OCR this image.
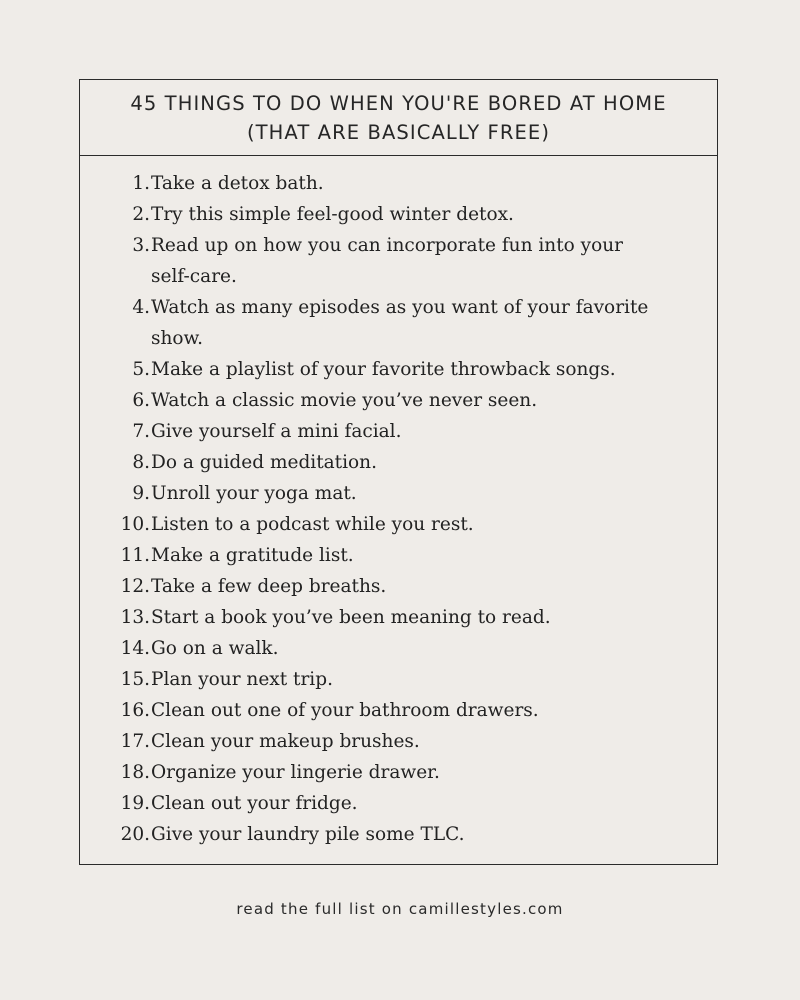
45 THINGS TO DO WHEN YOU'RE BORED AT HOME
(THAT ARE BASICALLY FREE)
1. Take a detox bath.
2. Try this simple feel-good winter detox.
3. Read up on how you can incorporate fun into your
self-care.
4. Watch as many episodes as you want of your favorite
show.
5. Make a playlist of your favorite throwback songs.
6. Watch a classic movie you’ve never seen.
7. Give yourself a mini facial.
8. Do a guided meditation.
9. Unroll your yoga mat.
10. Listen to a podcast while you rest.
11. Make a gratitude list.
12. Take a few deep breaths.
13. Start a book you’ve been meaning to read.
14. Go on a walk.
15. Plan your next trip.
16. Clean out one of your bathroom drawers.
17. Clean your makeup brushes.
18. Organize your lingerie drawer.
19. Clean out your fridge.
20. Give your laundry pile some TLC.
read the full list on camillestyles.com
